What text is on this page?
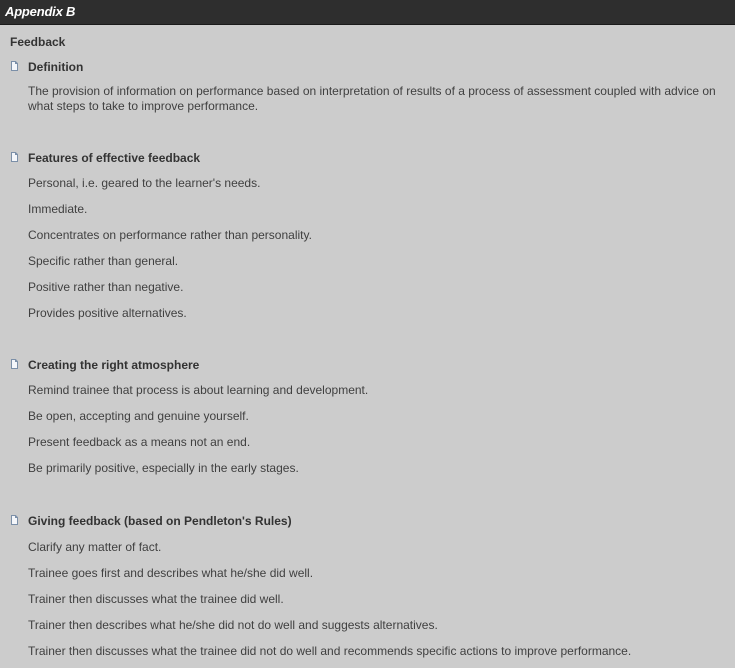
Appendix B
Feedback
Definition
The provision of information on performance based on interpretation of results of a process of assessment coupled with advice on what steps to take to improve performance.
Features of effective feedback
Personal, i.e. geared to the learner's needs.
Immediate.
Concentrates on performance rather than personality.
Specific rather than general.
Positive rather than negative.
Provides positive alternatives.
Creating the right atmosphere
Remind trainee that process is about learning and development.
Be open, accepting and genuine yourself.
Present feedback as a means not an end.
Be primarily positive, especially in the early stages.
Giving feedback (based on Pendleton's Rules)
Clarify any matter of fact.
Trainee goes first and describes what he/she did well.
Trainer then discusses what the trainee did well.
Trainer then describes what he/she did not do well and suggests alternatives.
Trainer then discusses what the trainee did not do well and recommends specific actions to improve performance.
